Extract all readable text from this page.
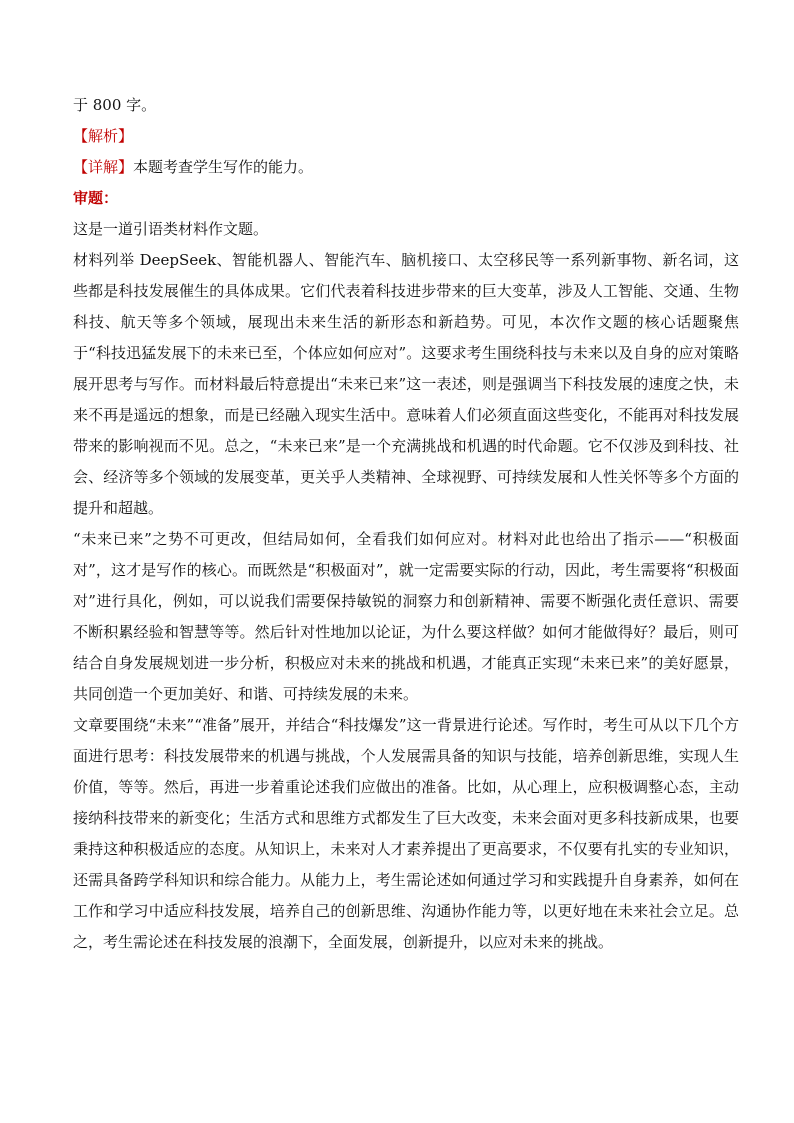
于 800 字。

【解析】

【详解】本题考查学生写作的能力。

审题：

这是一道引语类材料作文题。

材料列举 DeepSeek、智能机器人、智能汽车、脑机接口、太空移民等一系列新事物、新名词，这些都是科技发展催生的具体成果。它们代表着科技进步带来的巨大变革，涉及人工智能、交通、生物科技、航天等多个领域，展现出未来生活的新形态和新趋势。可见，本次作文题的核心话题聚焦于“科技迅猛发展下的未来已至，个体应如何应对”。这要求考生围绕科技与未来以及自身的应对策略展开思考与写作。而材料最后特意提出“未来已来”这一表述，则是强调当下科技发展的速度之快，未来不再是遥远的想象，而是已经融入现实生活中。意味着人们必须直面这些变化，不能再对科技发展带来的影响视而不见。总之，“未来已来”是一个充满挑战和机遇的时代命题。它不仅涉及到科技、社会、经济等多个领域的发展变革，更关乎人类精神、全球视野、可持续发展和人性关怀等多个方面的提升和超越。

“未来已来”之势不可更改，但结局如何，全看我们如何应对。材料对此也给出了指示——“积极面对”，这才是写作的核心。而既然是“积极面对”，就一定需要实际的行动，因此，考生需要将“积极面对”进行具化，例如，可以说我们需要保持敏锐的洞察力和创新精神、需要不断强化责任意识、需要不断积累经验和智慧等等。然后针对性地加以论证，为什么要这样做？如何才能做得好？最后，则可结合自身发展规划进一步分析，积极应对未来的挑战和机遇，才能真正实现“未来已来”的美好愿景，共同创造一个更加美好、和谐、可持续发展的未来。

文章要围绕“未来”“准备”展开，并结合“科技爆发”这一背景进行论述。写作时，考生可从以下几个方面进行思考：科技发展带来的机遇与挑战，个人发展需具备的知识与技能，培养创新思维，实现人生价值，等等。然后，再进一步着重论述我们应做出的准备。比如，从心理上，应积极调整心态，主动接纳科技带来的新变化；生活方式和思维方式都发生了巨大改变，未来会面对更多科技新成果，也要秉持这种积极适应的态度。从知识上，未来对人才素养提出了更高要求，不仅要有扎实的专业知识，还需具备跨学科知识和综合能力。从能力上，考生需论述如何通过学习和实践提升自身素养，如何在工作和学习中适应科技发展，培养自己的创新思维、沟通协作能力等，以更好地在未来社会立足。总之，考生需论述在科技发展的浪潮下，全面发展，创新提升，以应对未来的挑战。
